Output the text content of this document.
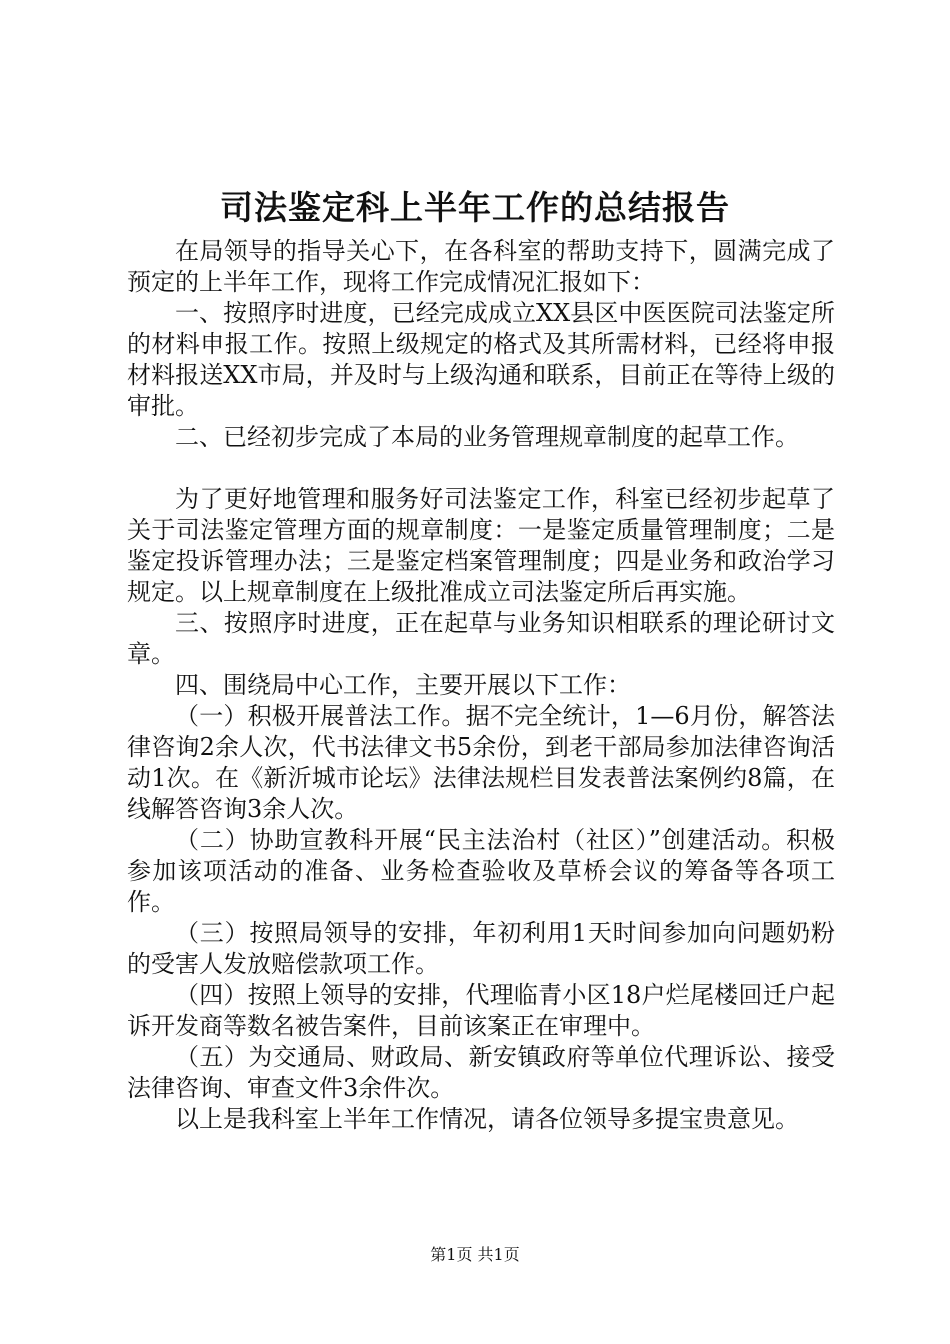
司法鉴定科上半年工作的总结报告

在局领导的指导关心下，在各科室的帮助支持下，圆满完成了预定的上半年工作，现将工作完成情况汇报如下：

一、按照序时进度，已经完成成立XX县区中医医院司法鉴定所的材料申报工作。按照上级规定的格式及其所需材料，已经将申报材料报送XX市局，并及时与上级沟通和联系，目前正在等待上级的审批。

二、已经初步完成了本局的业务管理规章制度的起草工作。

为了更好地管理和服务好司法鉴定工作，科室已经初步起草了关于司法鉴定管理方面的规章制度：一是鉴定质量管理制度；二是鉴定投诉管理办法；三是鉴定档案管理制度；四是业务和政治学习规定。以上规章制度在上级批准成立司法鉴定所后再实施。

三、按照序时进度，正在起草与业务知识相联系的理论研讨文章。

四、围绕局中心工作，主要开展以下工作：

（一）积极开展普法工作。据不完全统计，1—6月份，解答法律咨询2余人次，代书法律文书5余份，到老干部局参加法律咨询活动1次。在《新沂城市论坛》法律法规栏目发表普法案例约8篇，在线解答咨询3余人次。

（二）协助宣教科开展“民主法治村（社区）”创建活动。积极参加该项活动的准备、业务检查验收及草桥会议的筹备等各项工作。

（三）按照局领导的安排，年初利用1天时间参加向问题奶粉的受害人发放赔偿款项工作。

（四）按照上领导的安排，代理临青小区18户烂尾楼回迁户起诉开发商等数名被告案件，目前该案正在审理中。

（五）为交通局、财政局、新安镇政府等单位代理诉讼、接受法律咨询、审查文件3余件次。

以上是我科室上半年工作情况，请各位领导多提宝贵意见。

第1页 共1页
